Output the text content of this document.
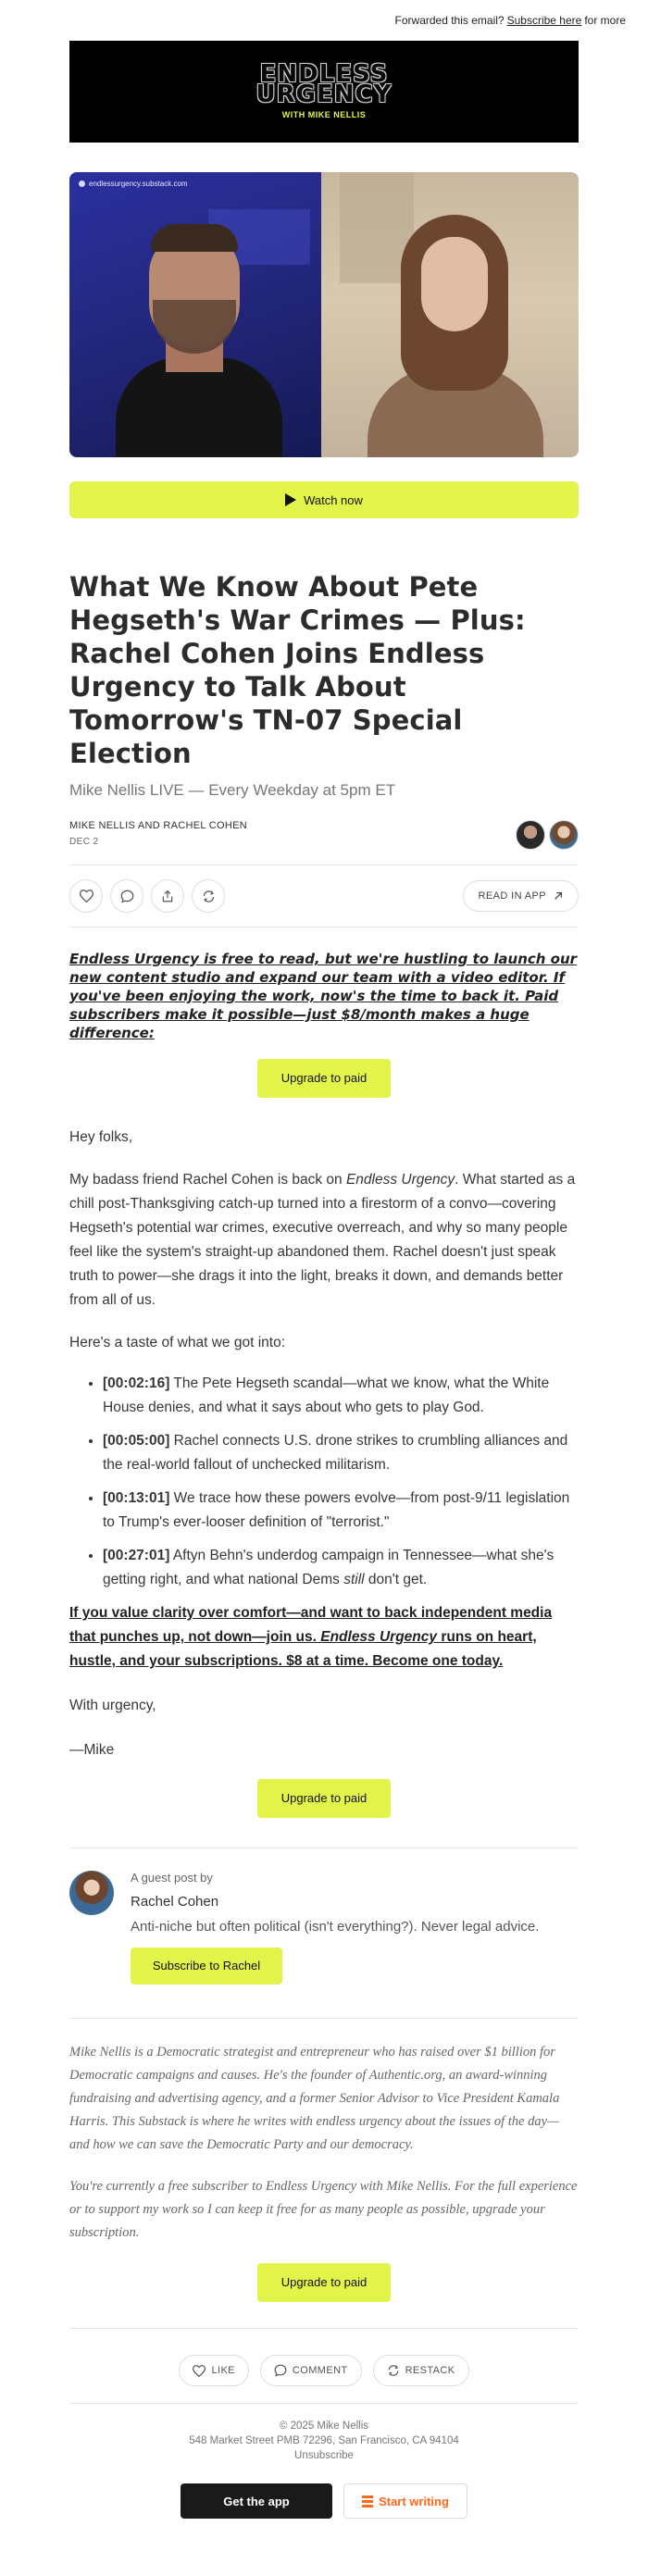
Forwarded this email? Subscribe here for more
ENDLESS
URGENCY
WITH MIKE NELLIS
endlessurgency.substack.com
Watch now
What We Know About Pete Hegseth's War Crimes — Plus: Rachel Cohen Joins Endless Urgency to Talk About Tomorrow's TN-07 Special Election
Mike Nellis LIVE — Every Weekday at 5pm ET
MIKE NELLIS AND RACHEL COHEN
DEC 2
READ IN APP
Endless Urgency is free to read, but we're hustling to launch our new content studio and expand our team with a video editor. If you've been enjoying the work, now's the time to back it. Paid subscribers make it possible—just $8/month makes a huge difference:
Upgrade to paid

Hey folks,

My badass friend Rachel Cohen is back on Endless Urgency. What started as a chill post-Thanksgiving catch-up turned into a firestorm of a convo—covering Hegseth's potential war crimes, executive overreach, and why so many people feel like the system's straight-up abandoned them. Rachel doesn't just speak truth to power—she drags it into the light, breaks it down, and demands better from all of us.

Here's a taste of what we got into:

• [00:02:16] The Pete Hegseth scandal—what we know, what the White House denies, and what it says about who gets to play God.
• [00:05:00] Rachel connects U.S. drone strikes to crumbling alliances and the real-world fallout of unchecked militarism.
• [00:13:01] We trace how these powers evolve—from post-9/11 legislation to Trump's ever-looser definition of "terrorist."
• [00:27:01] Aftyn Behn's underdog campaign in Tennessee—what she's getting right, and what national Dems still don't get.

If you value clarity over comfort—and want to back independent media that punches up, not down—join us. Endless Urgency runs on heart, hustle, and your subscriptions. $8 at a time. Become one today.

With urgency,

—Mike

Upgrade to paid
A guest post by
Rachel Cohen
Anti-niche but often political (isn't everything?). Never legal advice.
Subscribe to Rachel

Mike Nellis is a Democratic strategist and entrepreneur who has raised over $1 billion for Democratic campaigns and causes. He's the founder of Authentic.org, an award-winning fundraising and advertising agency, and a former Senior Advisor to Vice President Kamala Harris. This Substack is where he writes with endless urgency about the issues of the day—and how we can save the Democratic Party and our democracy.

You're currently a free subscriber to Endless Urgency with Mike Nellis. For the full experience or to support my work so I can keep it free for as many people as possible, upgrade your subscription.

Upgrade to paid
LIKE	COMMENT	RESTACK
© 2025 Mike Nellis
548 Market Street PMB 72296, San Francisco, CA 94104
Unsubscribe
Get the app	Start writing
